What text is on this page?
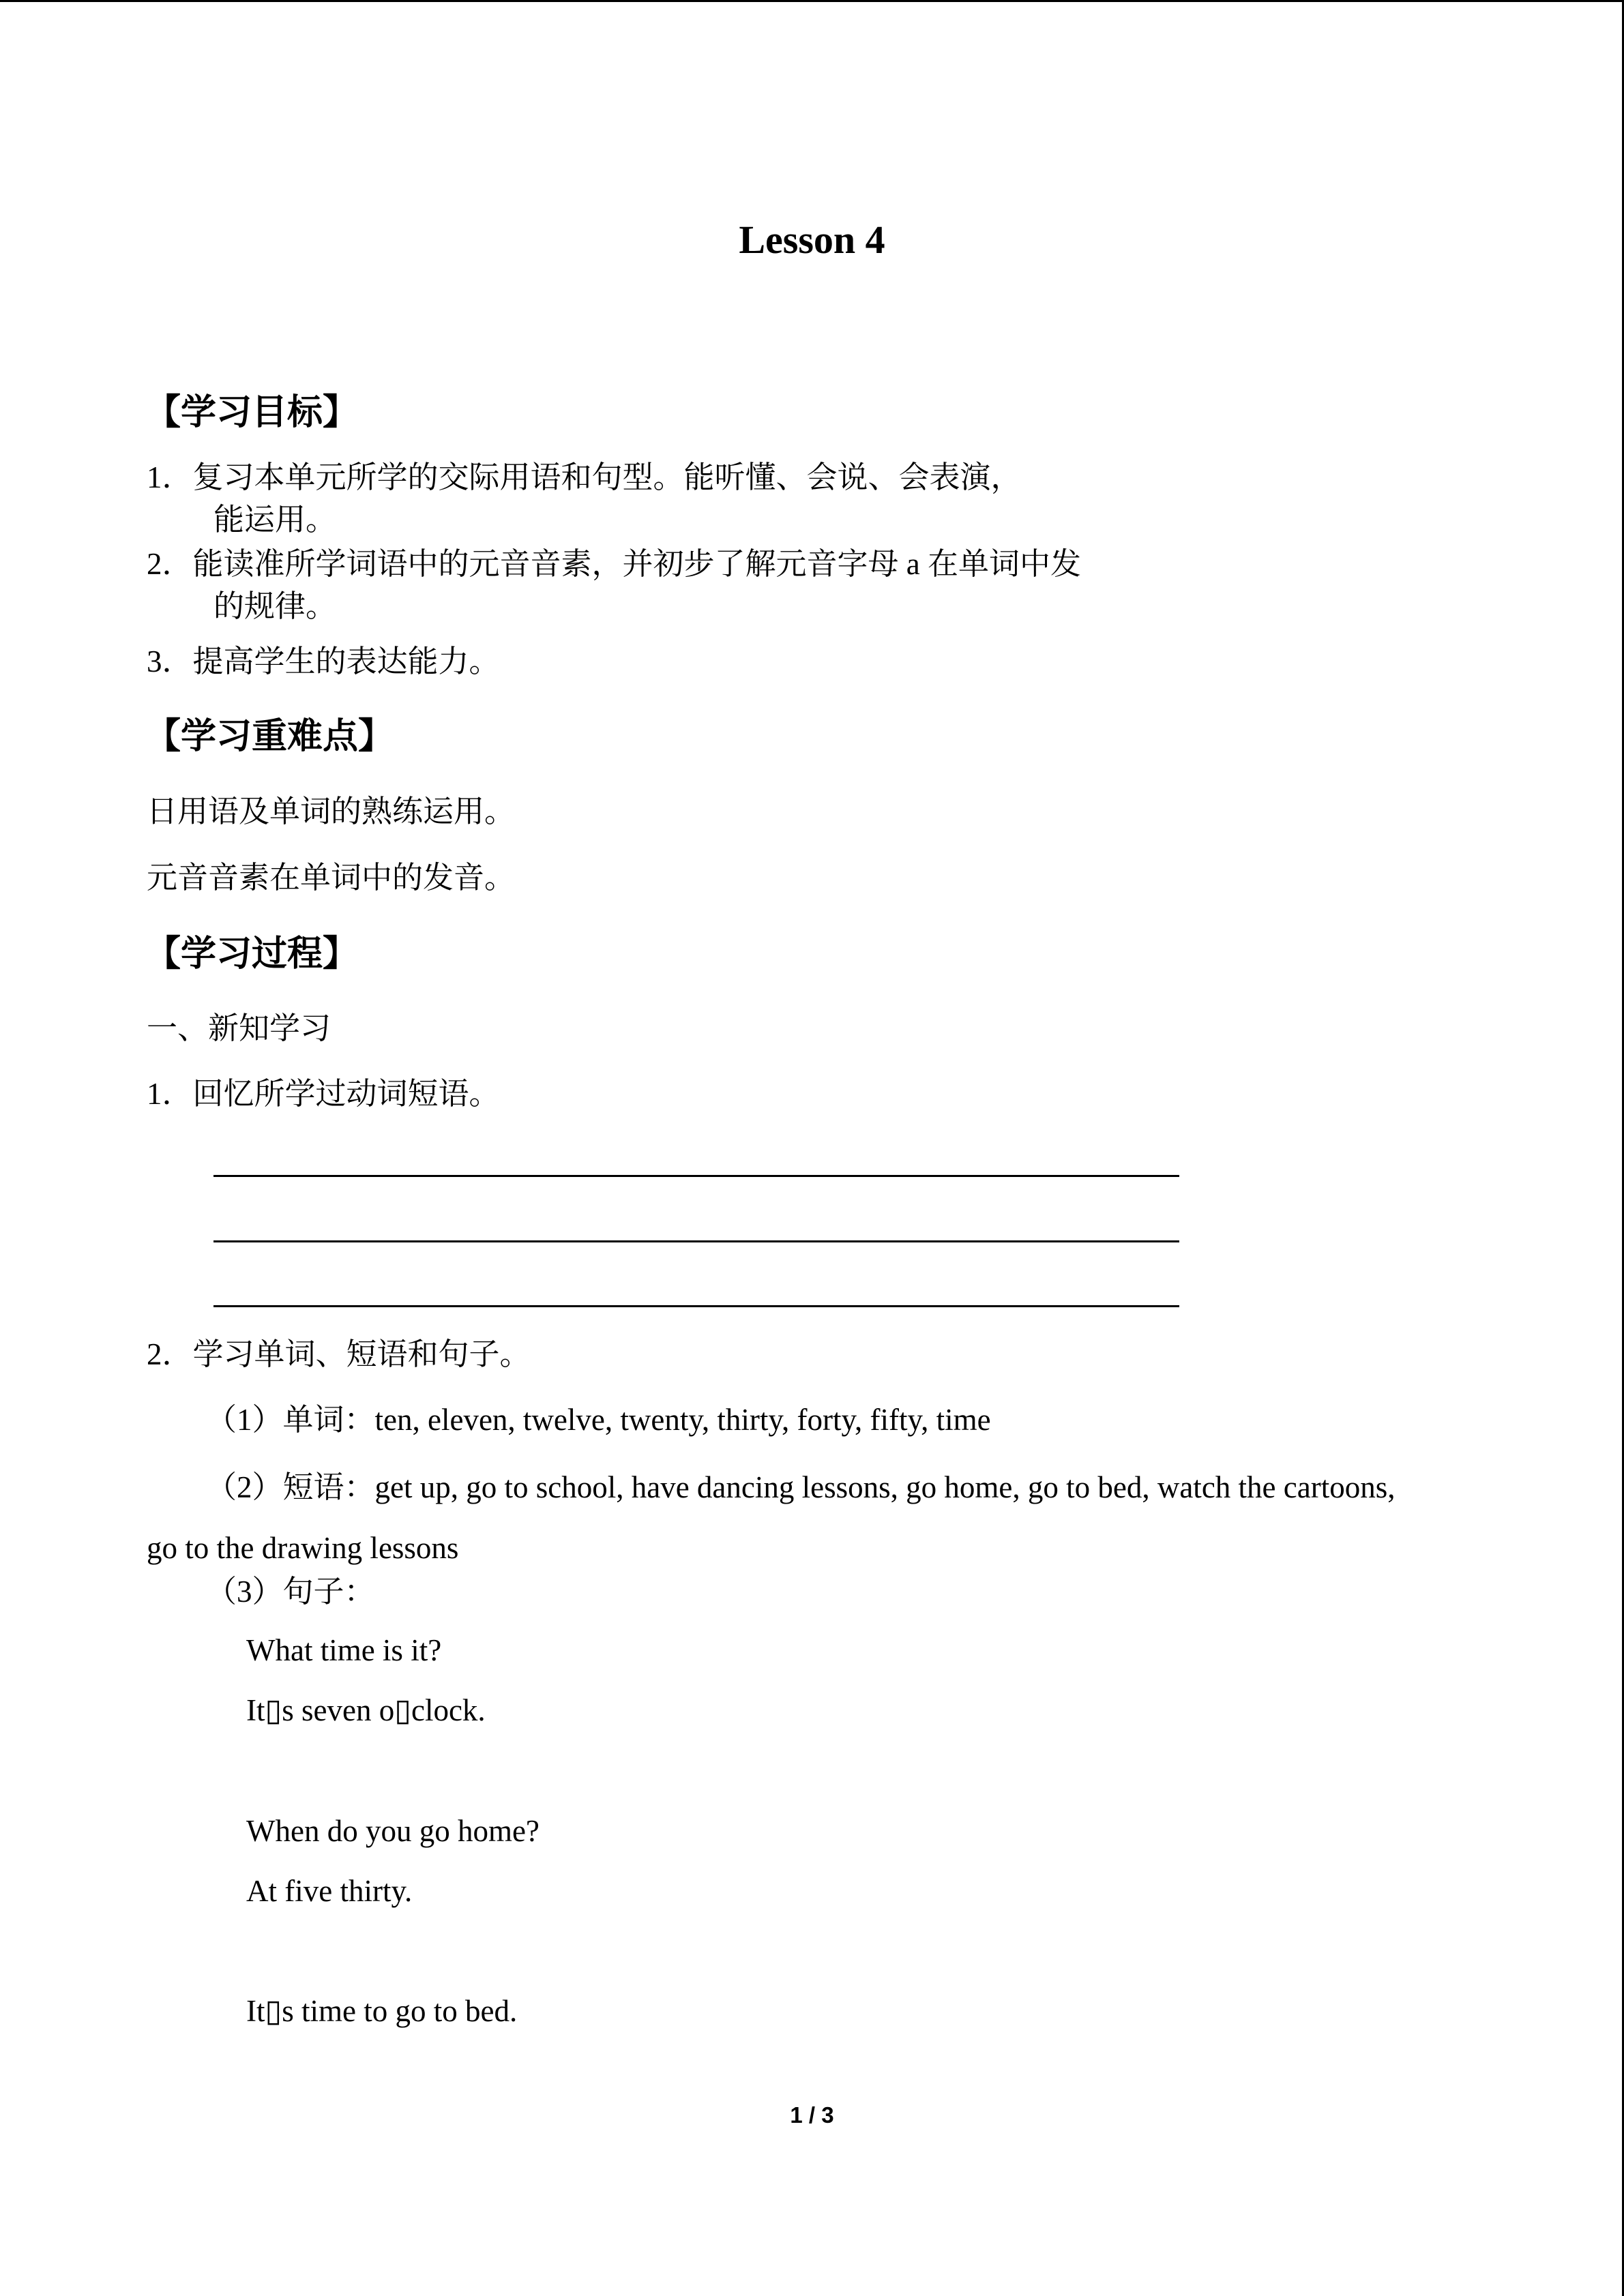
Lesson 4
【学习目标】
1．复习本单元所学的交际用语和句型。能听懂、会说、会表演，
能运用。
2．能读准所学词语中的元音音素，并初步了解元音字母 a 在单词中发
的规律。
3．提高学生的表达能力。
【学习重难点】
日用语及单词的熟练运用。
元音音素在单词中的发音。
【学习过程】
一、新知学习
1．回忆所学过动词短语。
2．学习单词、短语和句子。
（1）单词：ten, eleven, twelve, twenty, thirty, forty, fifty, time
（2）短语：get up, go to school, have dancing lessons, go home, go to bed, watch the cartoons,
go to the drawing lessons
（3）句子：
What time is it?
It▯s seven o▯clock.
When do you go home?
At five thirty.
It▯s time to go to bed.
1 / 3
